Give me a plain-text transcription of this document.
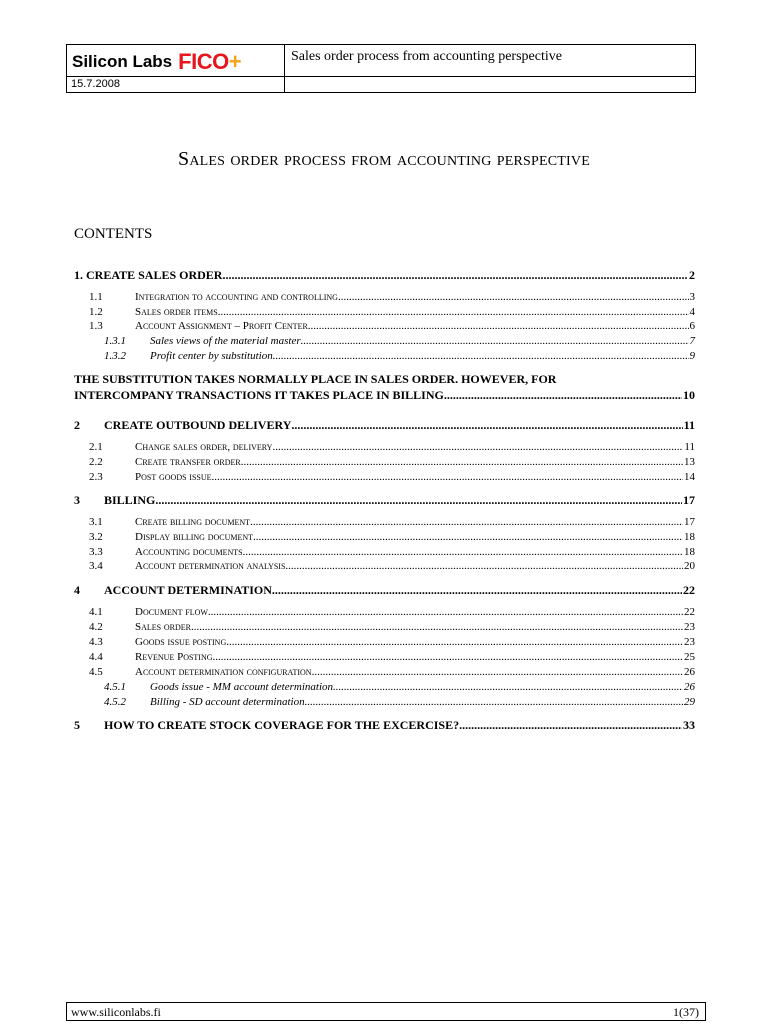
Silicon Labs FICO +	Sales order process from accounting perspective
15.7.2008
Sales order process from accounting perspective
CONTENTS
1. CREATE SALES ORDER .....	2
1.1	Integration to accounting and controlling .....	3
1.2	Sales order items .....	4
1.3	Account Assignment – Profit Center .....	6
1.3.1	Sales views of the material master .....	7
1.3.2	Profit center by substitution .....	9
THE SUBSTITUTION TAKES NORMALLY PLACE IN SALES ORDER. HOWEVER, FOR
INTERCOMPANY TRANSACTIONS IT TAKES PLACE IN BILLING. .....	10
2	CREATE OUTBOUND DELIVERY .....	11
2.1	Change sales order, delivery .....	11
2.2	Create transfer order .....	13
2.3	Post goods issue .....	14
3	BILLING .....	17
3.1	Create billing document .....	17
3.2	Display billing document .....	18
3.3	Accounting documents .....	18
3.4	Account determination analysis .....	20
4	ACCOUNT DETERMINATION .....	22
4.1	Document flow .....	22
4.2	Sales order .....	23
4.3	Goods issue posting .....	23
4.4	Revenue Posting .....	25
4.5	Account determination configuration .....	26
4.5.1	Goods issue - MM account determination .....	26
4.5.2	Billing - SD account determination .....	29
5	HOW TO CREATE STOCK COVERAGE FOR THE EXCERCISE? .....	33
www.siliconlabs.fi	1(37)
